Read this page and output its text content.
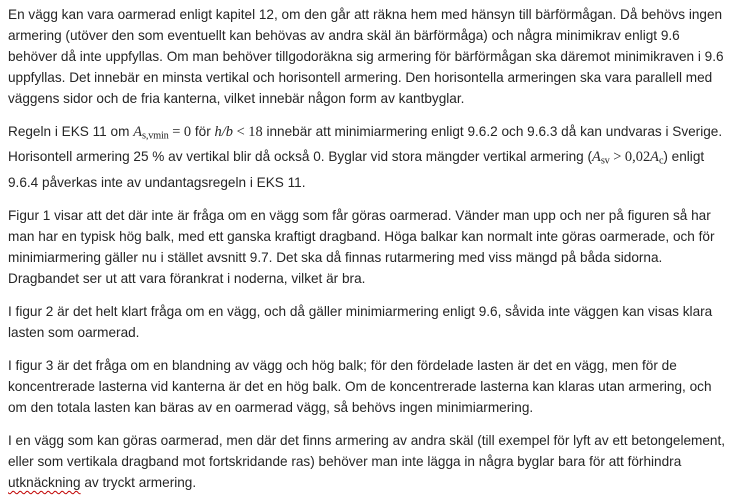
En vägg kan vara oarmerad enligt kapitel 12, om den går att räkna hem med hänsyn till bärförmågan. Då behövs ingen armering (utöver den som eventuellt kan behövas av andra skäl än bärförmåga) och några minimikrav enligt 9.6 behöver då inte uppfyllas. Om man behöver tillgodoräkna sig armering för bärförmågan ska däremot minimikraven i 9.6 uppfyllas. Det innebär en minsta vertikal och horisontell armering. Den horisontella armeringen ska vara parallell med väggens sidor och de fria kanterna, vilket innebär någon form av kantbyglar.

Regeln i EKS 11 om As,vmin = 0 för h/b < 18 innebär att minimiarmering enligt 9.6.2 och 9.6.3 då kan undvaras i Sverige. Horisontell armering 25 % av vertikal blir då också 0. Byglar vid stora mängder vertikal armering (Asv > 0,02Ac) enligt 9.6.4 påverkas inte av undantagsregeln i EKS 11.

Figur 1 visar att det där inte är fråga om en vägg som får göras oarmerad. Vänder man upp och ner på figuren så har man har en typisk hög balk, med ett ganska kraftigt dragband. Höga balkar kan normalt inte göras oarmerade, och för minimiarmering gäller nu i stället avsnitt 9.7. Det ska då finnas rutarmering med viss mängd på båda sidorna. Dragbandet ser ut att vara förankrat i noderna, vilket är bra.

I figur 2 är det helt klart fråga om en vägg, och då gäller minimiarmering enligt 9.6, såvida inte väggen kan visas klara lasten som oarmerad.

I figur 3 är det fråga om en blandning av vägg och hög balk; för den fördelade lasten är det en vägg, men för de koncentrerade lasterna vid kanterna är det en hög balk. Om de koncentrerade lasterna kan klaras utan armering, och om den totala lasten kan bäras av en oarmerad vägg, så behövs ingen minimiarmering.

I en vägg som kan göras oarmerad, men där det finns armering av andra skäl (till exempel för lyft av ett betongelement, eller som vertikala dragband mot fortskridande ras) behöver man inte lägga in några byglar bara för att förhindra utknäckning av tryckt armering.
